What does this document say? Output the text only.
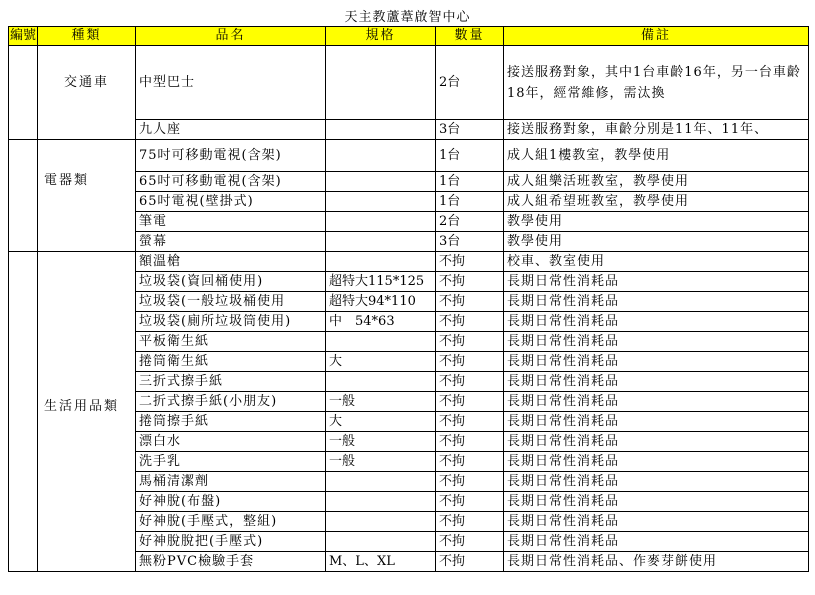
天主教蘆葦啟智中心
編號	種類	品名	規格	數量	備註
	交通車	中型巴士		2台	接送服務對象，其中1台車齡16年，另一台車齡18年，經常維修，需汰換
		九人座		3台	接送服務對象，車齡分別是11年、11年、
	電器類	75吋可移動電視(含架)		1台	成人組1樓教室，教學使用
		65吋可移動電視(含架)		1台	成人組樂活班教室，教學使用
		65吋電視(壁掛式)		1台	成人組希望班教室，教學使用
		筆電		2台	教學使用
		螢幕		3台	教學使用
	生活用品類	額溫槍		不拘	校車、教室使用
		垃圾袋(資回桶使用)	超特大115*125	不拘	長期日常性消耗品
		垃圾袋(一般垃圾桶使用	超特大94*110	不拘	長期日常性消耗品
		垃圾袋(廁所垃圾筒使用)	中　54*63	不拘	長期日常性消耗品
		平板衛生紙		不拘	長期日常性消耗品
		捲筒衛生紙	大	不拘	長期日常性消耗品
		三折式擦手紙		不拘	長期日常性消耗品
		二折式擦手紙(小朋友)	一般	不拘	長期日常性消耗品
		捲筒擦手紙	大	不拘	長期日常性消耗品
		漂白水	一般	不拘	長期日常性消耗品
		洗手乳	一般	不拘	長期日常性消耗品
		馬桶清潔劑		不拘	長期日常性消耗品
		好神脫(布盤)		不拘	長期日常性消耗品
		好神脫(手壓式，整組)		不拘	長期日常性消耗品
		好神脫脫把(手壓式)		不拘	長期日常性消耗品
		無粉PVC檢驗手套	M、L、XL	不拘	長期日常性消耗品、作麥芽餅使用
